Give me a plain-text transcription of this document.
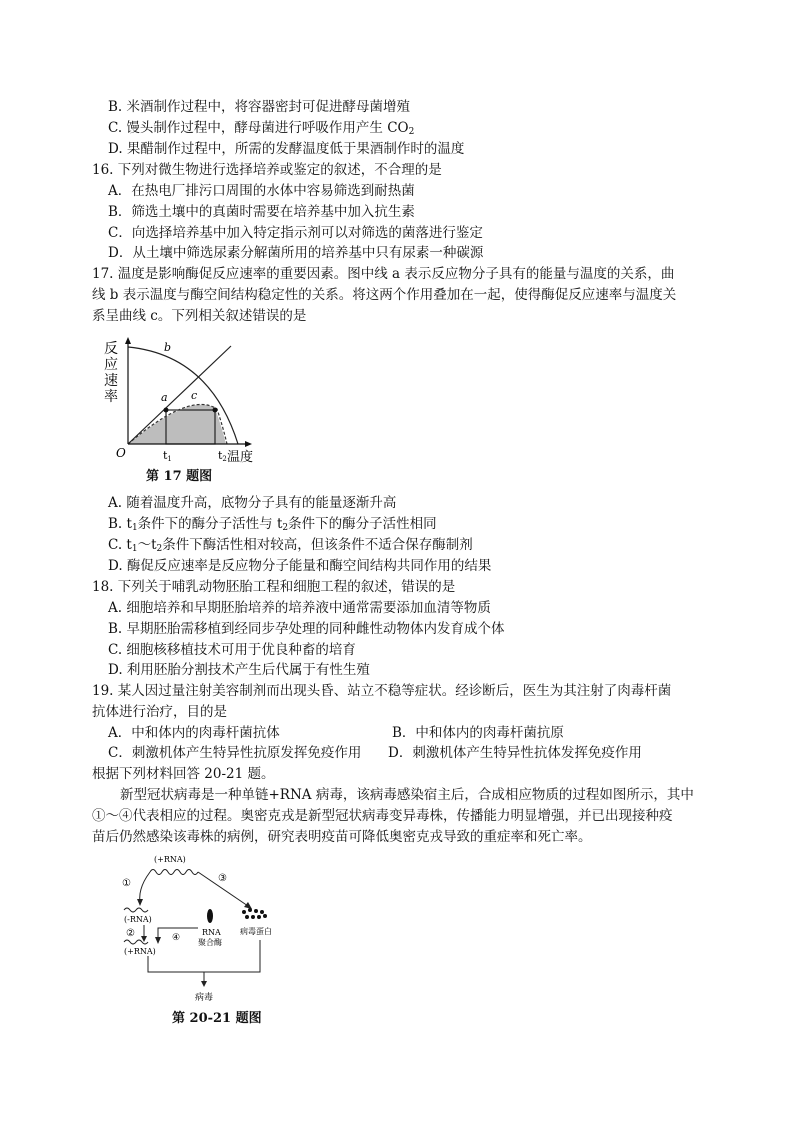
B. 米酒制作过程中，将容器密封可促进酵母菌增殖
C. 馒头制作过程中，酵母菌进行呼吸作用产生 $CO_2$
D. 果醋制作过程中，所需的发酵温度低于果酒制作时的温度
16. 下列对微生物进行选择培养或鉴定的叙述，不合理的是
A．在热电厂排污口周围的水体中容易筛选到耐热菌
B．筛选土壤中的真菌时需要在培养基中加入抗生素
C．向选择培养基中加入特定指示剂可以对筛选的菌落进行鉴定
D．从土壤中筛选尿素分解菌所用的培养基中只有尿素一种碳源
17. 温度是影响酶促反应速率的重要因素。图中线 a 表示反应物分子具有的能量与温度的关系，曲
线 b 表示温度与酶空间结构稳定性的关系。将这两个作用叠加在一起，使得酶促反应速率与温度关
系呈曲线 c。下列相关叙述错误的是
反
应
速
率
b
a c
O	t1	t2 温度
第 17 题图
A. 随着温度升高，底物分子具有的能量逐渐升高
B. $t_1$条件下的酶分子活性与 $t_2$条件下的酶分子活性相同
C. $t_1\sim t_2$条件下酶活性相对较高，但该条件不适合保存酶制剂
D. 酶促反应速率是反应物分子能量和酶空间结构共同作用的结果
18. 下列关于哺乳动物胚胎工程和细胞工程的叙述，错误的是
A. 细胞培养和早期胚胎培养的培养液中通常需要添加血清等物质
B. 早期胚胎需移植到经同步孕处理的同种雌性动物体内发育成个体
C. 细胞核移植技术可用于优良种畜的培育
D. 利用胚胎分割技术产生后代属于有性生殖
19. 某人因过量注射美容制剂而出现头昏、站立不稳等症状。经诊断后，医生为其注射了肉毒杆菌
抗体进行治疗，目的是
A．中和体内的肉毒杆菌抗体	B．中和体内的肉毒杆菌抗原
C．刺激机体产生特异性抗原发挥免疫作用 D．刺激机体产生特异性抗体发挥免疫作用
根据下列材料回答 20-21 题。
新型冠状病毒是一种单链+RNA 病毒，该病毒感染宿主后，合成相应物质的过程如图所示，其中
①～④代表相应的过程。奥密克戎是新型冠状病毒变异毒株，传播能力明显增强，并已出现接种疫
苗后仍然感染该毒株的病例，研究表明疫苗可降低奥密克戎导致的重症率和死亡率。
(+RNA)
①	③
(-RNA)
②
(+RNA)
④
RNA
聚合酶
病毒蛋白
病毒
第 20-21 题图
